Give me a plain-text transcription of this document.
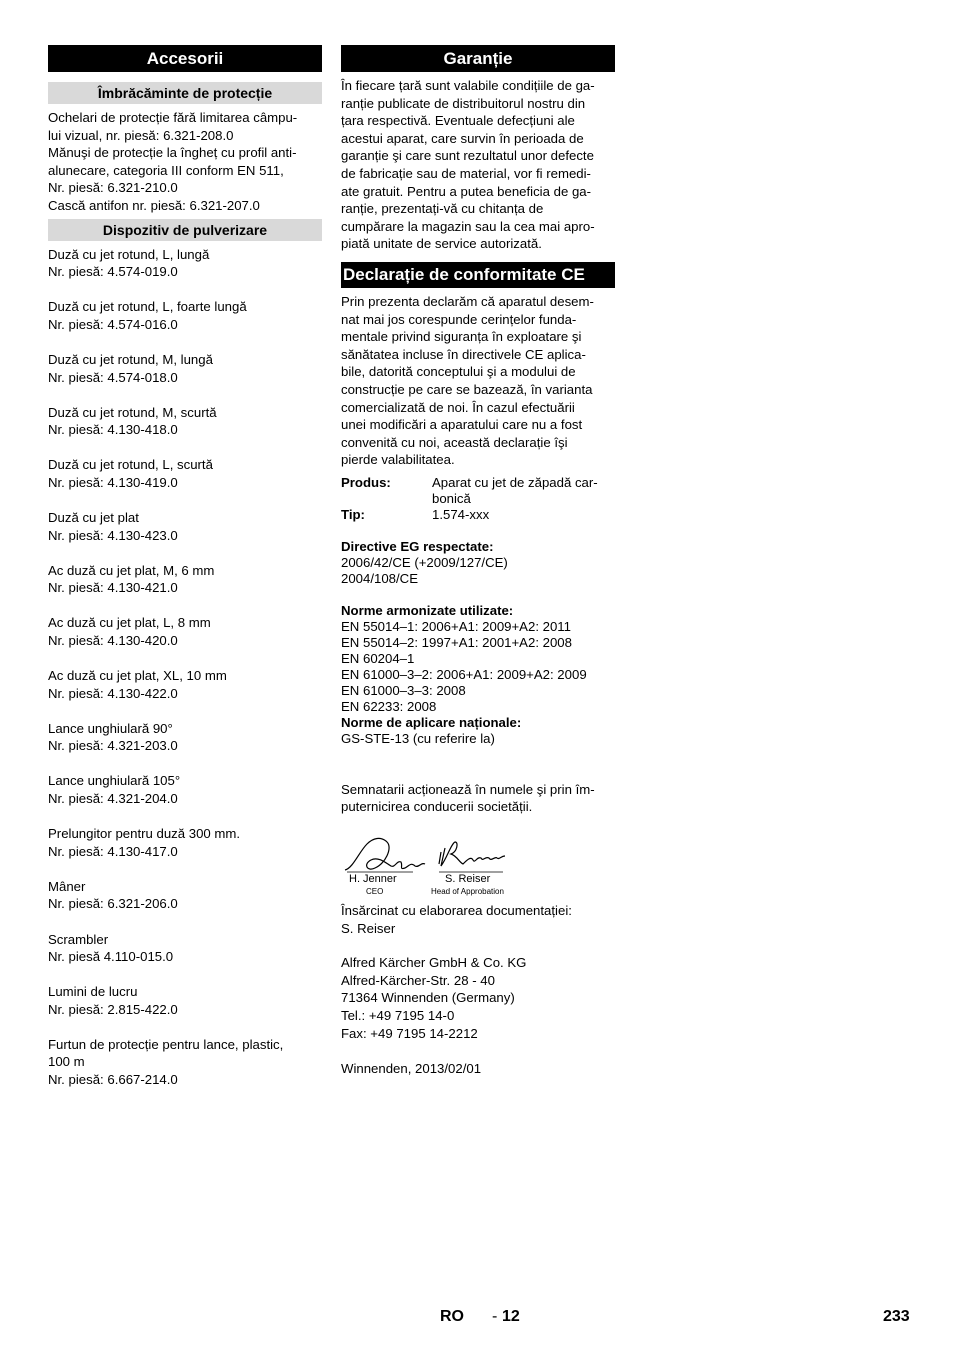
Accesorii
Îmbrăcăminte de protecție

Ochelari de protecție fără limitarea câmpu-

lui vizual, nr. piesă: 6.321-208.0

Mănuşi de protecție la îngheț cu profil anti-

alunecare, categoria III conform EN 511,

Nr. piesă: 6.321-210.0

Cască antifon nr. piesă: 6.321-207.0

Dispozitiv de pulverizare

Duză cu jet rotund, L, lungă

Nr. piesă: 4.574-019.0

Duză cu jet rotund, L, foarte lungă

Nr. piesă: 4.574-016.0

Duză cu jet rotund, M, lungă

Nr. piesă: 4.574-018.0

Duză cu jet rotund, M, scurtă

Nr. piesă: 4.130-418.0

Duză cu jet rotund, L, scurtă

Nr. piesă: 4.130-419.0

Duză cu jet plat

Nr. piesă: 4.130-423.0

Ac duză cu jet plat, M, 6 mm

Nr. piesă: 4.130-421.0

Ac duză cu jet plat, L, 8 mm

Nr. piesă: 4.130-420.0

Ac duză cu jet plat, XL, 10 mm

Nr. piesă: 4.130-422.0

Lance unghiulară 90°

Nr. piesă: 4.321-203.0

Lance unghiulară 105°

Nr. piesă: 4.321-204.0

Prelungitor pentru duză 300 mm.

Nr. piesă: 4.130-417.0

Mâner

Nr. piesă: 6.321-206.0

Scrambler

Nr. piesă 4.110-015.0

Lumini de lucru

Nr. piesă: 2.815-422.0

Furtun de protecție pentru lance, plastic,
100 m

Nr. piesă: 6.667-214.0

Garanție

În fiecare țară sunt valabile condițiile de ga-

ranție publicate de distribuitorul nostru din

țara respectivă. Eventuale defecțiuni ale

acestui aparat, care survin în perioada de

garanție şi care sunt rezultatul unor defecte

de fabricație sau de material, vor fi remedi-

ate gratuit. Pentru a putea beneficia de ga-

ranție, prezentați-vă cu chitanța de

cumpărare la magazin sau la cea mai apro-

piată unitate de service autorizată.

Declarație de conformitate CE

Prin prezenta declarăm că aparatul desem-

nat mai jos corespunde cerințelor funda-

mentale privind siguranța în exploatare şi

sănătatea incluse în directivele CE aplica-

bile, datorită conceptului şi a modului de

construcție pe care se bazează, în varianta

comercializată de noi. În cazul efectuării

unei modificări a aparatului care nu a fost

convenită cu noi, această declarație îşi

pierde valabilitatea.

Produs:	Aparat cu jet de zăpadă car-
bonică
Tip:	1.574-xxx

Directive EG respectate:

2006/42/CE (+2009/127/CE)

2004/108/CE

Norme armonizate utilizate:

EN 55014–1: 2006+A1: 2009+A2: 2011

EN 55014–2: 1997+A1: 2001+A2: 2008

EN 60204–1

EN 61000–3–2: 2006+A1: 2009+A2: 2009

EN 61000–3–3: 2008

EN 62233: 2008

Norme de aplicare naționale:

GS-STE-13 (cu referire la)

Semnatarii acționează în numele şi prin îm-

puternicirea conducerii societății.

H. Jenner
CEO
S. Reiser
Head of Approbation

Însărcinat cu elaborarea documentației:

S. Reiser

Alfred Kärcher GmbH & Co. KG

Alfred-Kärcher-Str. 28 - 40

71364 Winnenden (Germany)

Tel.: +49 7195 14-0

Fax: +49 7195 14-2212

Winnenden, 2013/02/01

RO - 12	233
